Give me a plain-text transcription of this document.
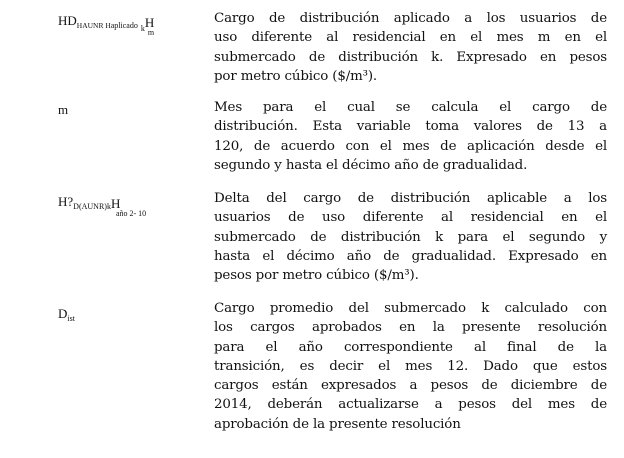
$HD_{HAUNR Haplicado}$ $_k$ H
m
Cargo de distribución aplicado a los usuarios de
uso diferente al residencial en el mes m en el
submercado de distribución k. Expresado en pesos
por metro cúbico ($/m³).
m	Mes para el cual se calcula el cargo de
distribución. Esta variable toma valores de 13 a
120, de acuerdo con el mes de aplicación desde el
segundo y hasta el décimo año de gradualidad.
$H?_{D(AUNR)k}$ H
año 2- 10
Delta del cargo de distribución aplicable a los
usuarios de uso diferente al residencial en el
submercado de distribución k para el segundo y
hasta el décimo año de gradualidad. Expresado en
pesos por metro cúbico ($/m³).
$D_{ist}$
Cargo promedio del submercado k calculado con
los cargos aprobados en la presente resolución
para el año correspondiente al final de la
transición, es decir el mes 12. Dado que estos
cargos están expresados a pesos de diciembre de
2014, deberán actualizarse a pesos del mes de
aprobación de la presente resolución
